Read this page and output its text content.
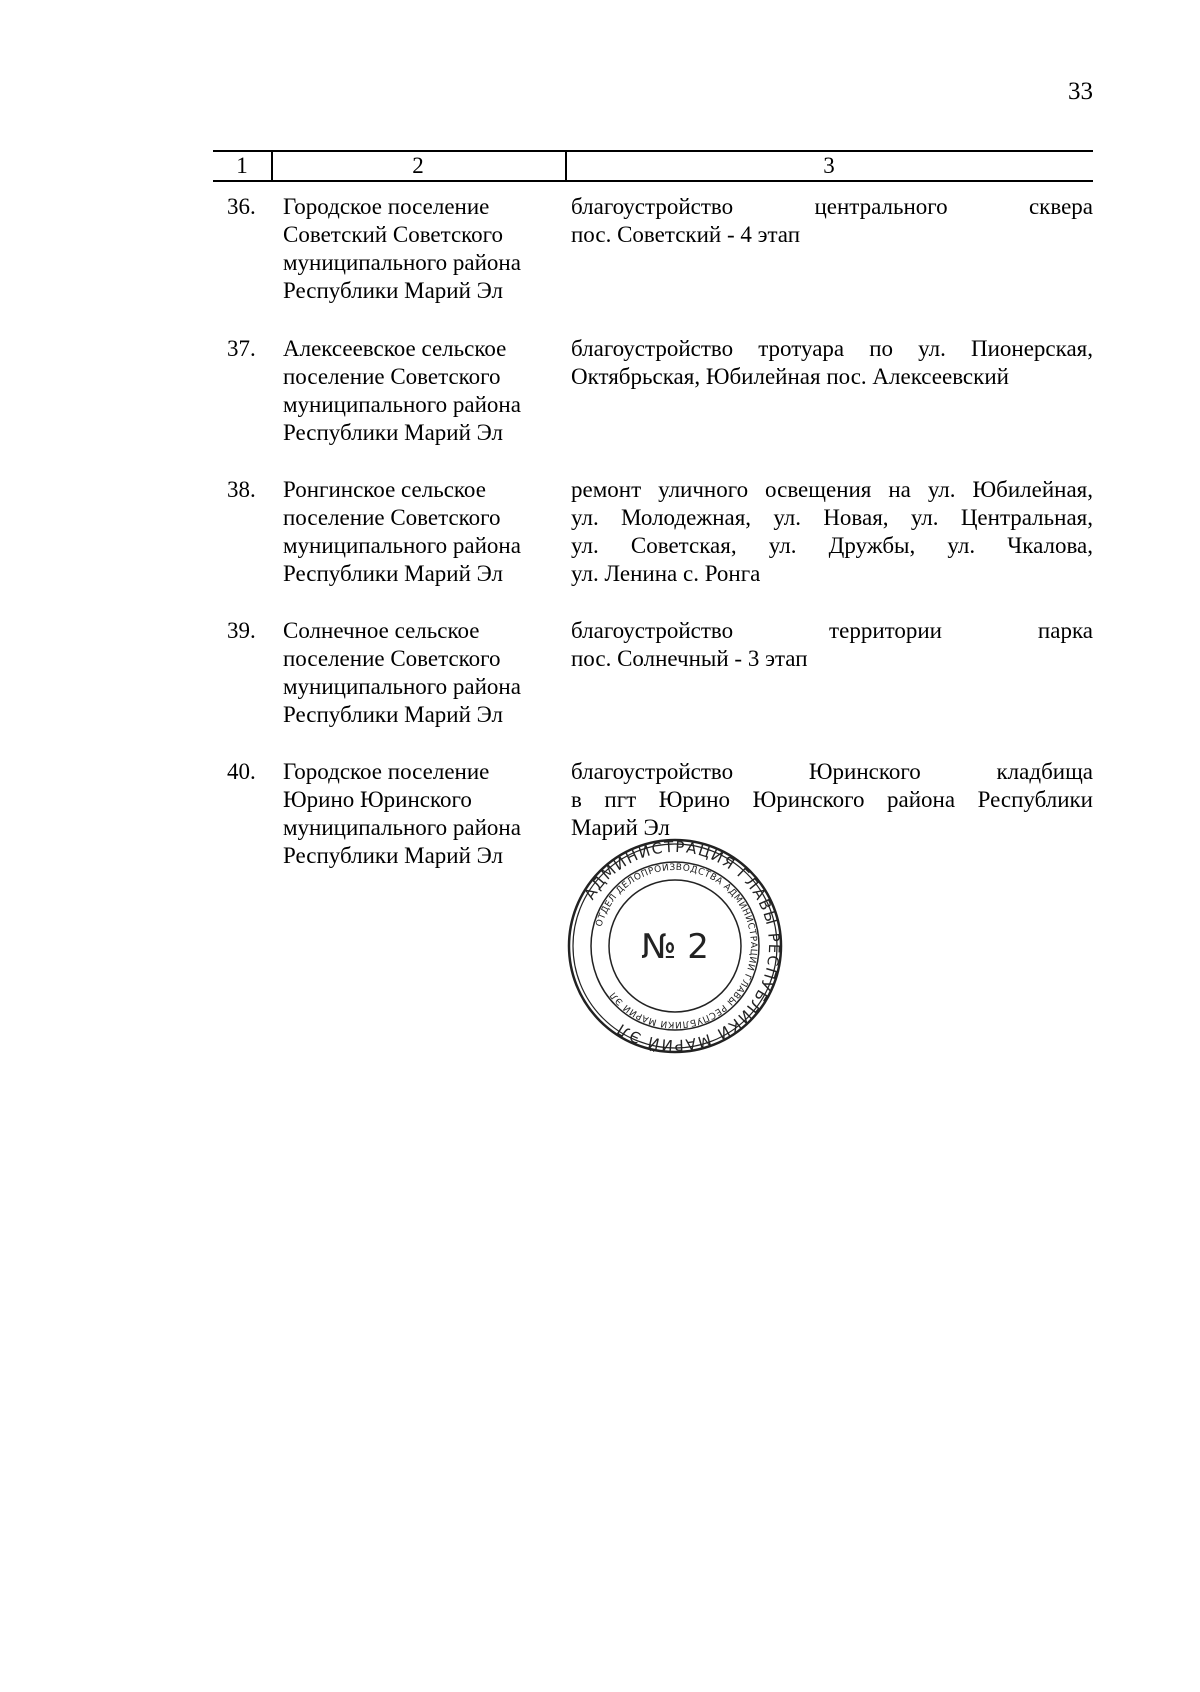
33
1	2	3
36. Городское поселение
Советский Советского
муниципального района
Республики Марий Эл
благоустройство центрального сквера
пос. Советский - 4 этап
37. Алексеевское сельское
поселение Советского
муниципального района
Республики Марий Эл
благоустройство тротуара по ул. Пионерская,
Октябрьская, Юбилейная пос. Алексеевский
38. Ронгинское сельское
поселение Советского
муниципального района
Республики Марий Эл
ремонт уличного освещения на ул. Юбилейная,
ул. Молодежная, ул. Новая, ул. Центральная,
ул. Советская, ул. Дружбы, ул. Чкалова,
ул. Ленина с. Ронга
39. Солнечное сельское
поселение Советского
муниципального района
Республики Марий Эл
благоустройство территории парка
пос. Солнечный - 3 этап
40. Городское поселение
Юрино Юринского
муниципального района
Республики Марий Эл
благоустройство Юринского кладбища
в пгт Юрино Юринского района Республики
Марий Эл
АДМИНИСТРАЦИЯ ГЛАВЫ РЕСПУБЛИКИ МАРИЙ ЭЛ
ОТДЕЛ ДЕЛОПРОИЗВОДСТВА АДМИНИСТРАЦИИ ГЛАВЫ РЕСПУБЛИКИ МАРИЙ ЭЛ
№ 2
